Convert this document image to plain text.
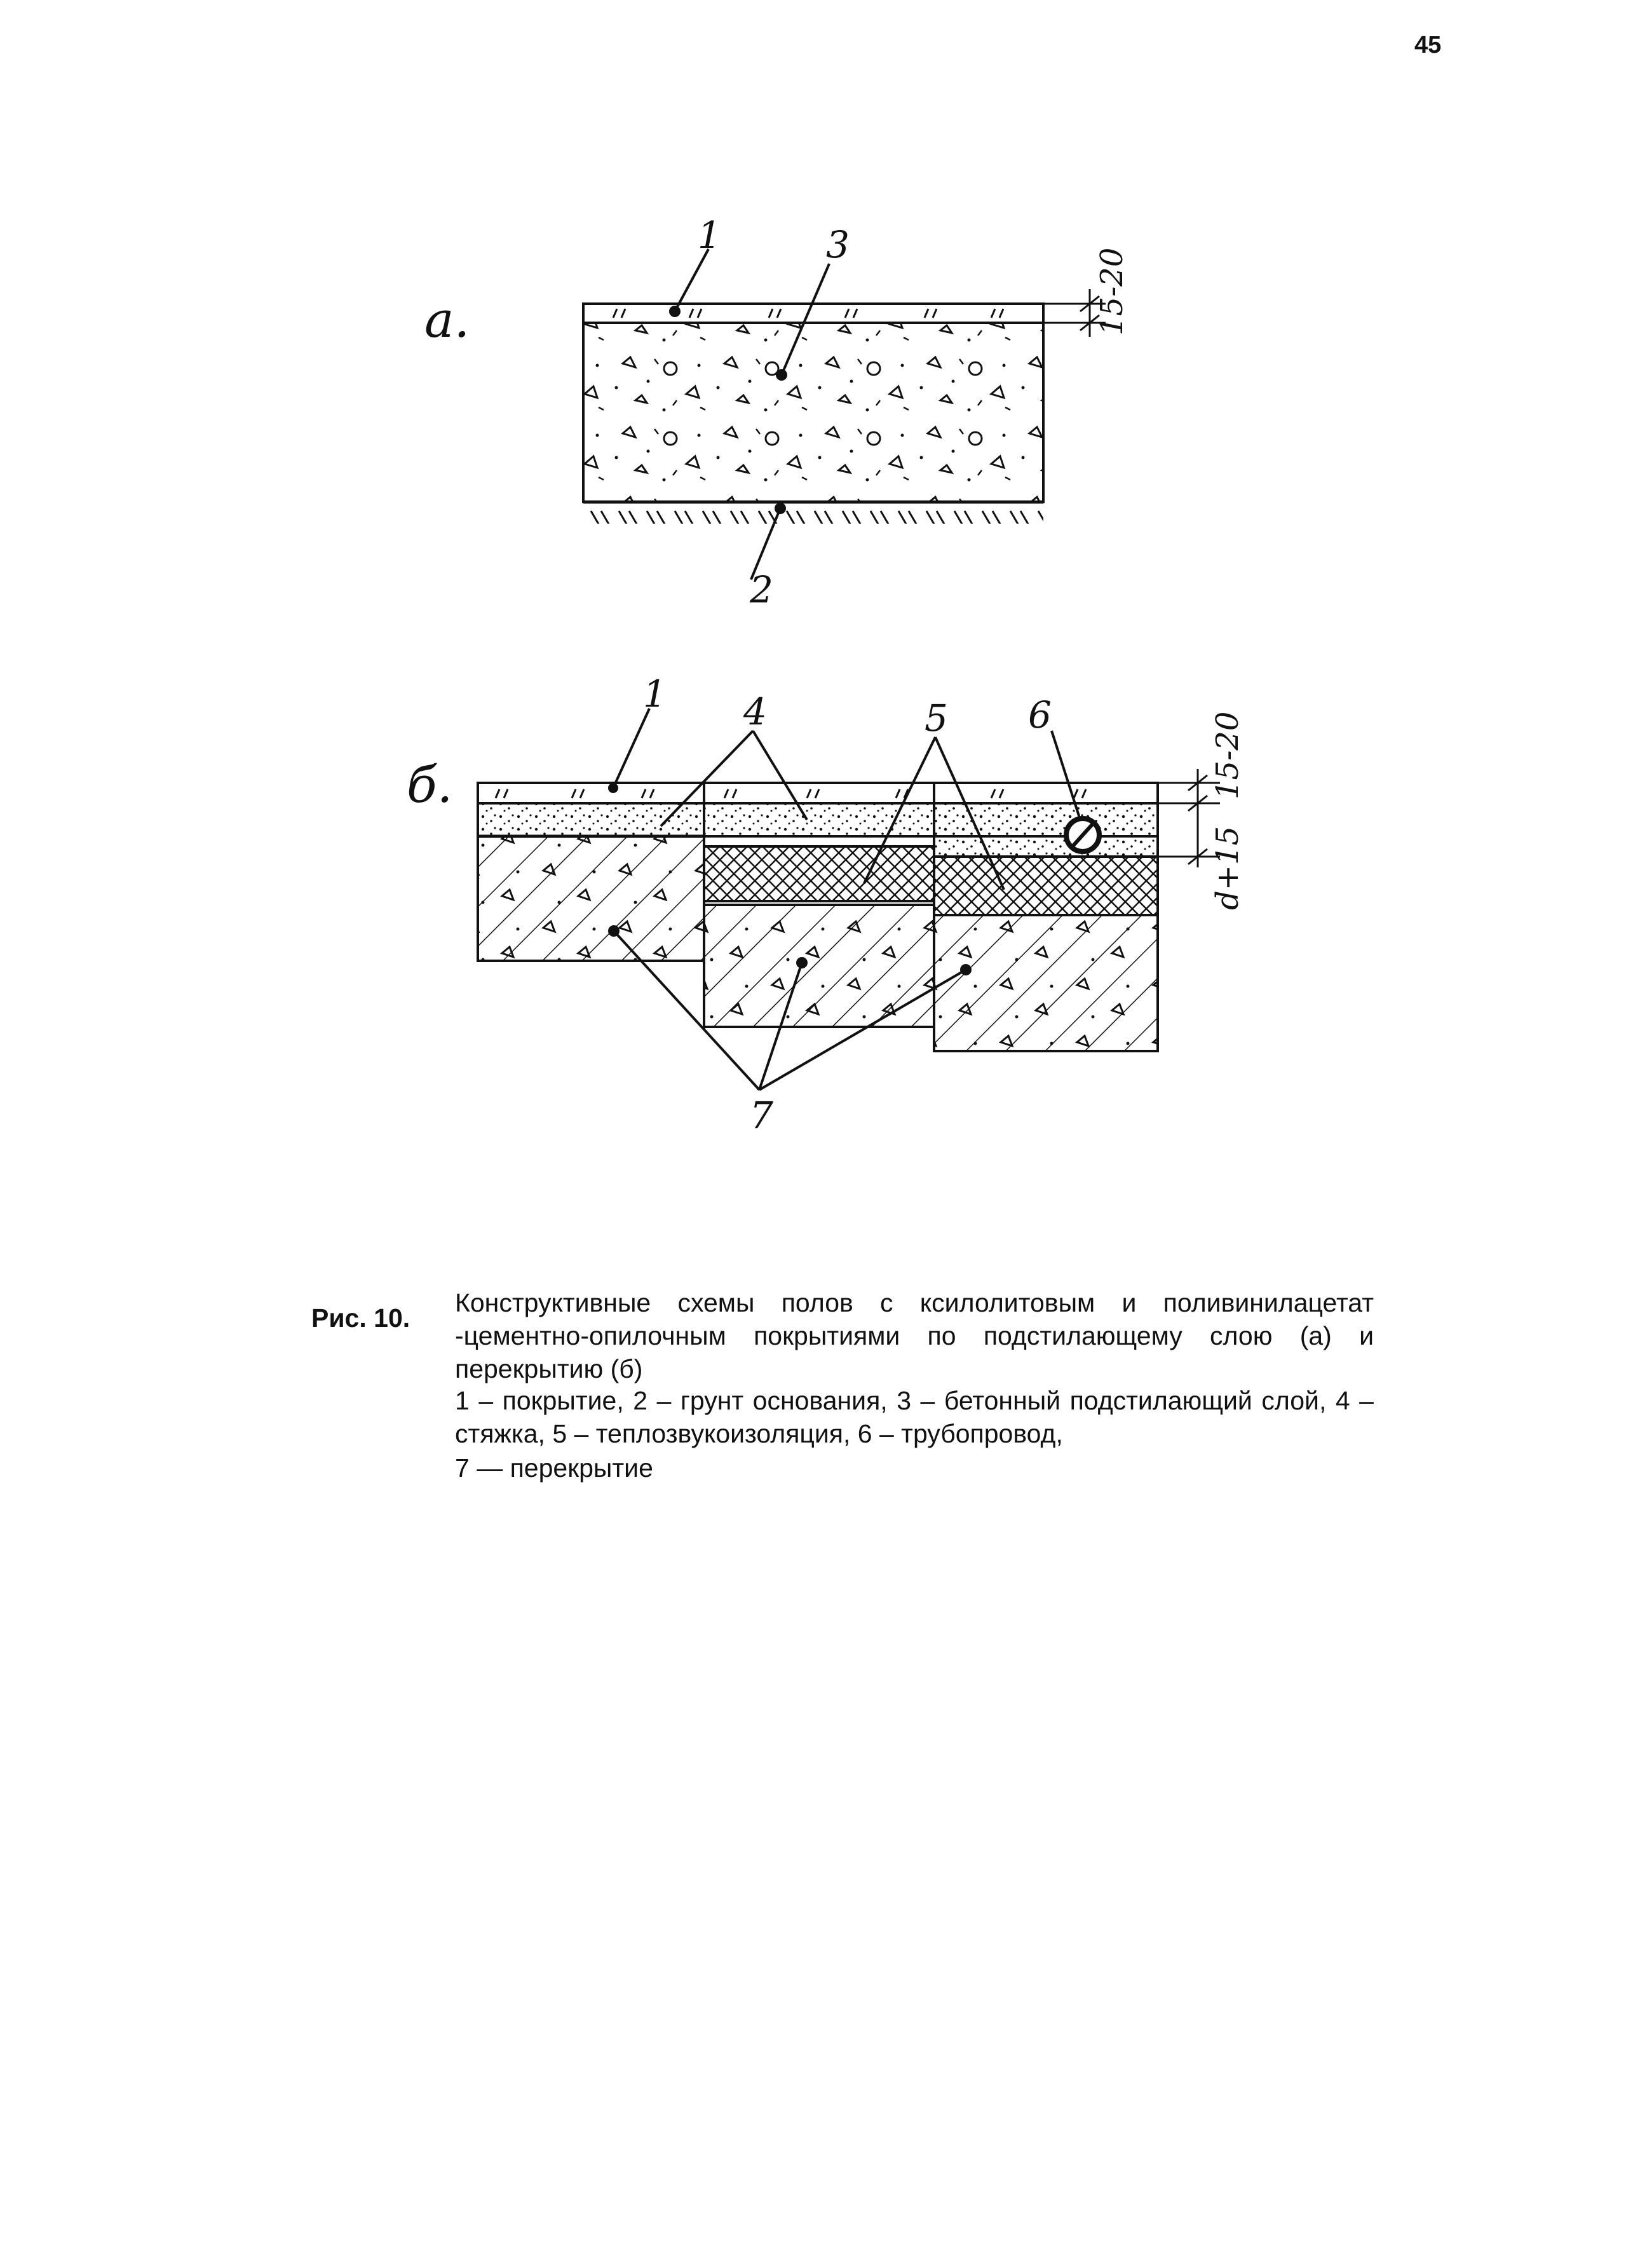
45
а.
1	3
2
15-20
б.
1 4	5 6
7
15-20
d+15
Рис. 10.
Конструктивные схемы полов с ксилолитовым и поливинилацетат -цементно-опилочным покрытиями по подстилающему слою (а) и перекрытию (б)
1 – покрытие, 2 – грунт основания, 3 – бетонный подстилающий слой, 4 – стяжка, 5 – теплозвукоизоляция, 6 – трубопровод,
7 — перекрытие
